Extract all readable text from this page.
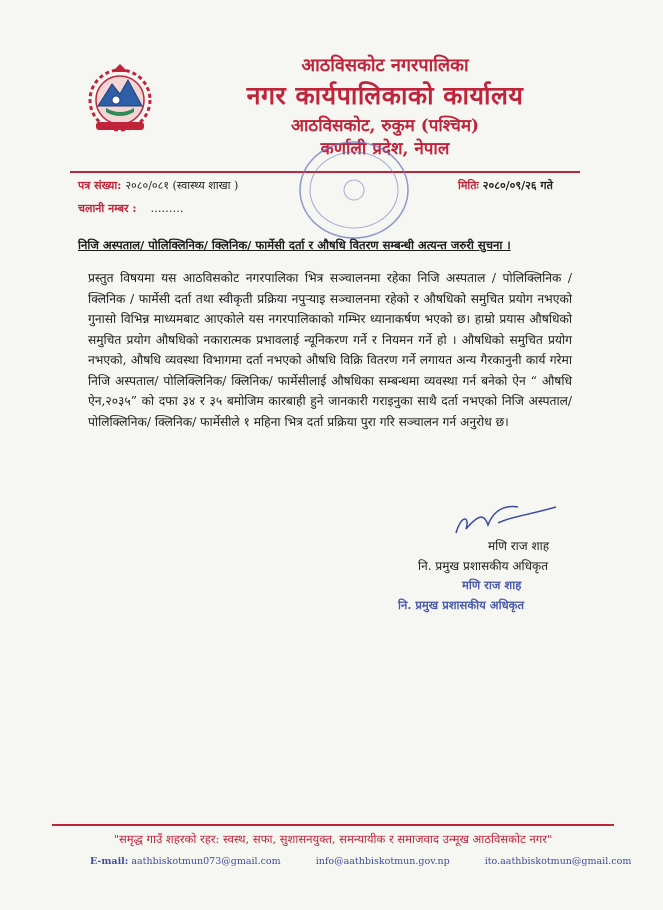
आठविसकोट नगरपालिका
नगर कार्यपालिकाको कार्यालय
आठविसकोट, रुकुम (पश्चिम)
कर्णाली प्रदेश, नेपाल
पत्र संख्या: २०८०/०८१ (स्वास्थ्य शाखा )
चलानी नम्बर : ………
मितिः २०८०/०९/२६ गते
निजि अस्पताल/ पोलिक्लिनिक/ क्लिनिक/ फार्मेसी दर्ता र औषधि वितरण सम्बन्धी अत्यन्त जरुरी सुचना ।
प्रस्तुत विषयमा यस आठविसकोट नगरपालिका भित्र सञ्चालनमा रहेका निजि अस्पताल / पोलिक्लिनिक / क्लिनिक / फार्मेसी दर्ता तथा स्वीकृती प्रक्रिया नपुऱ्याइ सञ्चालनमा रहेको र औषधिको समुचित प्रयोग नभएको गुनासो विभिन्न माध्यमबाट आएकोले यस नगरपालिकाको गम्भिर ध्यानाकर्षण भएको छ। हाम्रो प्रयास औषधिको समुचित प्रयोग औषधिको नकारात्मक प्रभावलाई न्यूनिकरण गर्ने र नियमन गर्ने हो । औषधिको समुचित प्रयोग नभएको, औषधि व्यवस्था विभागमा दर्ता नभएको औषधि विक्रि वितरण गर्ने लगायत अन्य गैरकानुनी कार्य गरेमा निजि अस्पताल/ पोलिक्लिनिक/ क्लिनिक/ फार्मेसीलाई औषधिका सम्बन्धमा व्यवस्था गर्न बनेको ऐन “ औषधि ऐन,२०३५” को दफा ३४ र ३५ बमोजिम कारबाही हुने जानकारी गराइनुका साथै दर्ता नभएको निजि अस्पताल/ पोलिक्लिनिक/ क्लिनिक/ फार्मेसीले १ महिना भित्र दर्ता प्रक्रिया पुरा गरि सञ्चालन गर्न अनुरोध छ।
मणि राज शाह
नि. प्रमुख प्रशासकीय अधिकृत
मणि राज शाह
नि. प्रमुख प्रशासकीय अधिकृत
"समृद्ध गाउँ शहरको रहर: स्वस्थ, सफा, सुशासनयुक्त, समन्यायीक र समाजवाद उन्मूख आठविसकोट नगर"
E-mail: aathbiskotmun073@gmail.com	info@aathbiskotmun.gov.np	ito.aathbiskotmun@gmail.com
